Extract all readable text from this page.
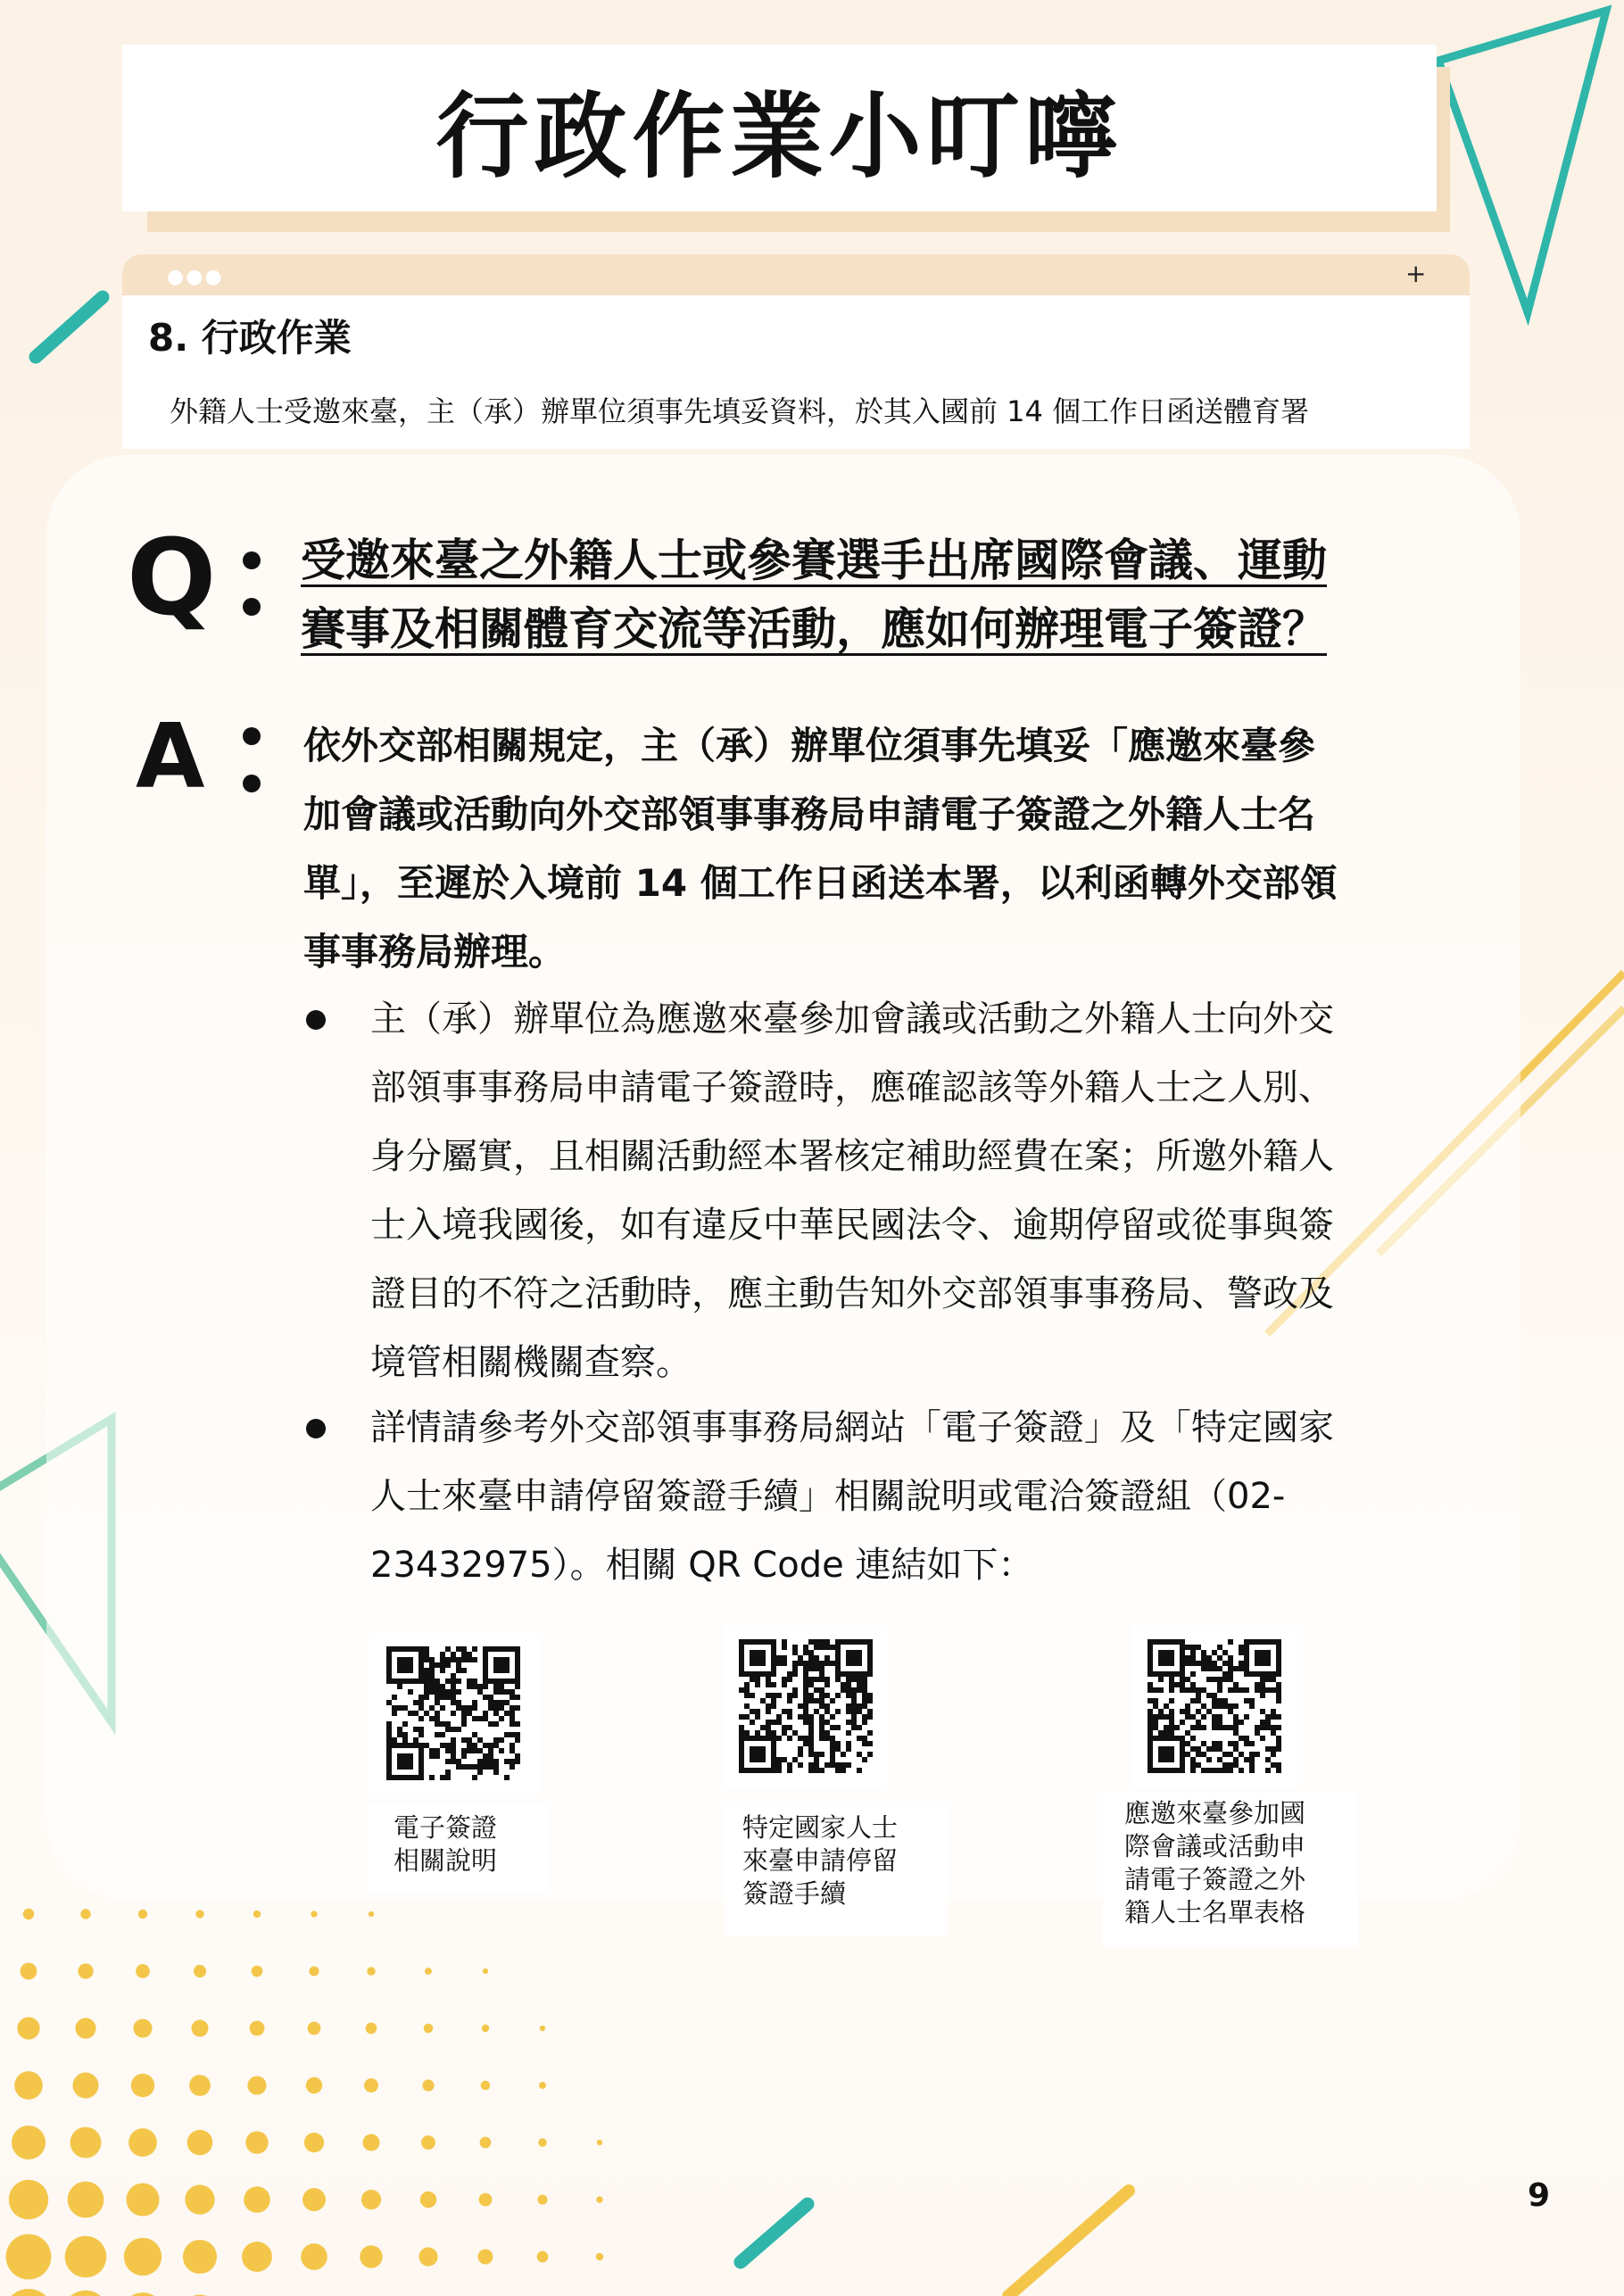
行政作業小叮嚀
●●●	+
8. 行政作業
外籍人士受邀來臺，主（承）辦單位須事先填妥資料，於其入國前 14 個工作日函送體育署
Q 受邀來臺之外籍人士或參賽選手出席國際會議、運動
賽事及相關體育交流等活動，應如何辦理電子簽證？
A	依外交部相關規定，主（承）辦單位須事先填妥「應邀來臺參
加會議或活動向外交部領事事務局申請電子簽證之外籍人士名
單」，至遲於入境前 14 個工作日函送本署，以利函轉外交部領
事事務局辦理。
主（承）辦單位為應邀來臺參加會議或活動之外籍人士向外交
部領事事務局申請電子簽證時，應確認該等外籍人士之人別、
身分屬實，且相關活動經本署核定補助經費在案；所邀外籍人
士入境我國後，如有違反中華民國法令、逾期停留或從事與簽
證目的不符之活動時，應主動告知外交部領事事務局、警政及
境管相關機關查察。
詳情請參考外交部領事事務局網站「電子簽證」及「特定國家
人士來臺申請停留簽證手續」相關說明或電洽簽證組（02-
23432975）。相關 QR Code 連結如下：
電子簽證
相關說明
特定國家人士
來臺申請停留
簽證手續
應邀來臺參加國
際會議或活動申
請電子簽證之外
籍人士名單表格
9
